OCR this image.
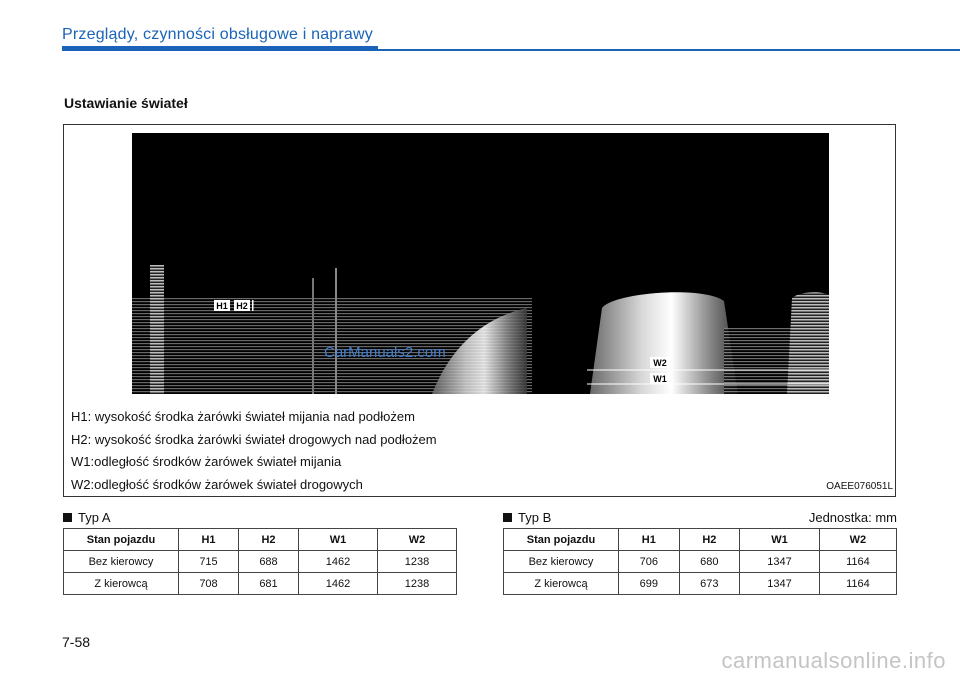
Przeglądy, czynności obsługowe i naprawy
Ustawianie świateł
H1 H2
W2
W1
CarManuals2.com
H1: wysokość środka żarówki świateł mijania nad podłożem
H2: wysokość środka żarówki świateł drogowych nad podłożem
W1:odległość środków żarówek świateł mijania
W2:odległość środków żarówek świateł drogowych	OAEE076051L
Typ A
Stan pojazdu	H1	H2	W1	W2
Bez kierowcy	715	688	1462	1238
Z kierowcą	708	681	1462	1238
Typ B	Jednostka: mm
Stan pojazdu	H1	H2	W1	W2
Bez kierowcy	706	680	1347	1164
Z kierowcą	699	673	1347	1164
7-58
carmanualsonline.info
